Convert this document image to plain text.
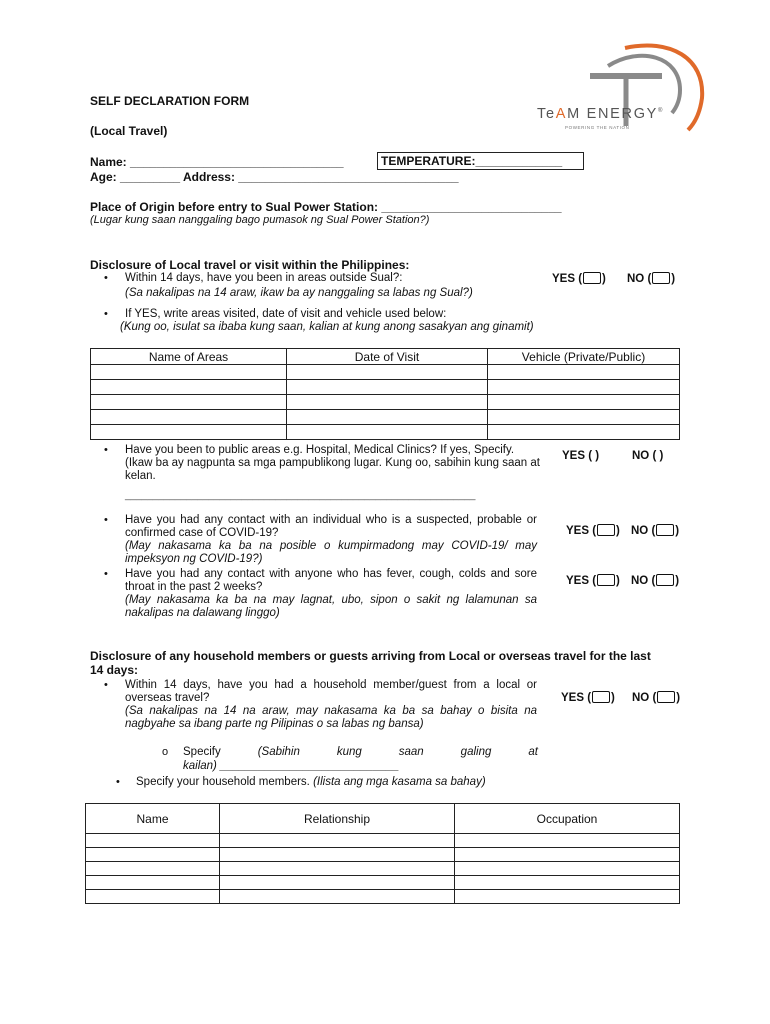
TeAM ENERGY®
POWERING THE NATION
SELF DECLARATION FORM
(Local Travel)
Name: ________________________________	TEMPERATURE:_____________
Age: _________ Address: _________________________________
Place of Origin before entry to Sual Power Station: ___________________________
(Lugar kung saan nanggaling bago pumasok ng Sual Power Station?)
Disclosure of Local travel or visit within the Philippines:
• Within 14 days, have you been in areas outside Sual?:
(Sa nakalipas na 14 araw, ikaw ba ay nanggaling sa labas ng Sual?)
YES ( ) NO ( )
• If YES, write areas visited, date of visit and vehicle used below:
(Kung oo, isulat sa ibaba kung saan, kalian at kung anong sasakyan ang ginamit)
Name of Areas	Date of Visit	Vehicle (Private/Public)

• Have you been to public areas e.g. Hospital, Medical Clinics? If yes, Specify.
(Ikaw ba ay nagpunta sa mga pampublikong lugar. Kung oo, sabihin kung saan at kelan.
YES ( )	NO ( )
_______________________________________________________________
• Have you had any contact with an individual who is a suspected, probable or confirmed case of COVID-19?
(May nakasama ka ba na posible o kumpirmadong may COVID-19/ may impeksyon ng COVID-19?)
YES ( ) NO ( )
• Have you had any contact with anyone who has fever, cough, colds and sore throat in the past 2 weeks?
(May nakasama ka ba na may lagnat, ubo, sipon o sakit ng lalamunan sa nakalipas na dalawang linggo)
YES ( ) NO ( )
Disclosure of any household members or guests arriving from Local or overseas travel for the last
14 days:
• Within 14 days, have you had a household member/guest from a local or overseas travel?
(Sa nakalipas na 14 na araw, may nakasama ka ba sa bahay o bisita na nagbyahe sa ibang parte ng Pilipinas o sa labas ng bansa)
YES ( ) NO ( )
o Specify	(Sabihin	kung	saan	galing	at
kailan) ____________________________
• Specify your household members. (Ilista ang mga kasama sa bahay)
Name	Relationship	Occupation
